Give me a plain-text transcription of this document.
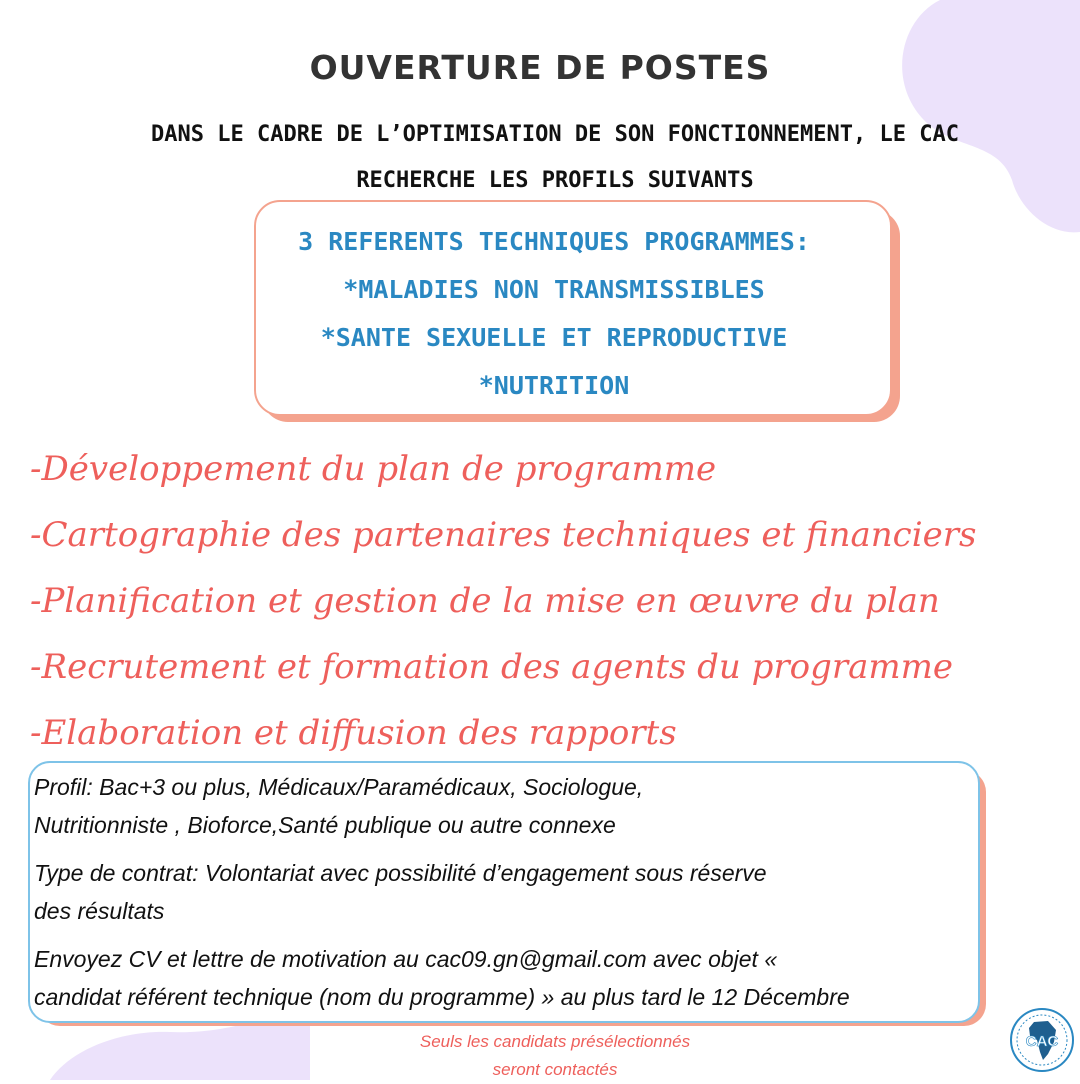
OUVERTURE DE POSTES
DANS LE CADRE DE L’OPTIMISATION DE SON FONCTIONNEMENT, LE CAC
RECHERCHE LES PROFILS SUIVANTS
3 REFERENTS TECHNIQUES PROGRAMMES:
*MALADIES NON TRANSMISSIBLES
*SANTE SEXUELLE ET REPRODUCTIVE
*NUTRITION
-Développement du plan de programme
-Cartographie des partenaires techniques et financiers
-Planification et gestion de la mise en œuvre du plan
-Recrutement et formation des agents du programme
-Elaboration et diffusion des rapports

Profil: Bac+3 ou plus, Médicaux/Paramédicaux, Sociologue,
Nutritionniste , Bioforce,Santé publique ou autre connexe

Type de contrat: Volontariat avec possibilité d’engagement sous réserve
des résultats

Envoyez CV et lettre de motivation au cac09.gn@gmail.com avec objet «
candidat référent technique (nom du programme) » au plus tard le 12 Décembre

Seuls les candidats présélectionnés
seront contactés
CAC
